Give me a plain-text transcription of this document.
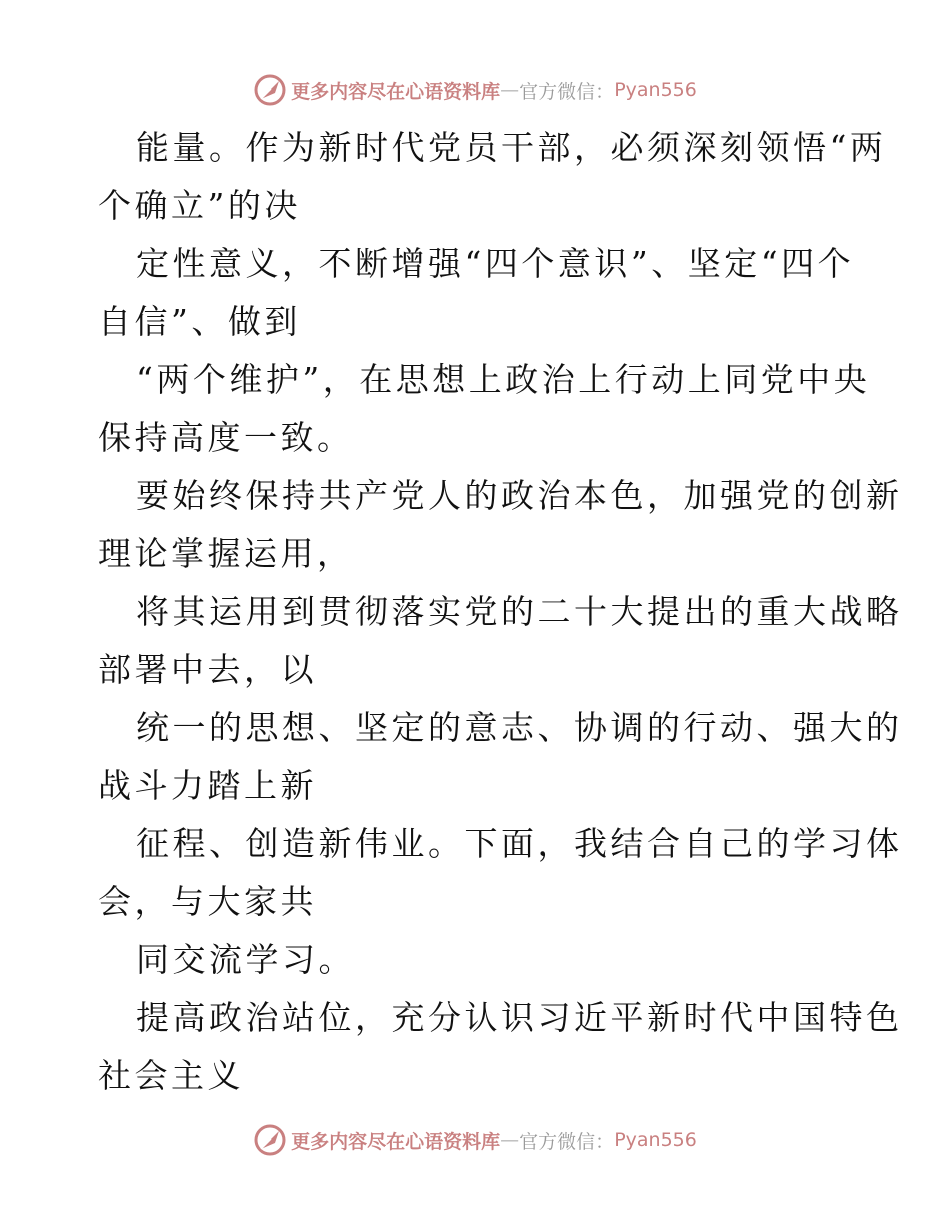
更多内容尽在心语资料库 — 官方微信： Pyan556
能量。作为新时代党员干部，必须深刻领悟“两
个确立”的决
定性意义，不断增强“四个意识”、坚定“四个
自信”、做到
“两个维护”，在思想上政治上行动上同党中央
保持高度一致。
要始终保持共产党人的政治本色，加强党的创新
理论掌握运用，
将其运用到贯彻落实党的二十大提出的重大战略
部署中去，以
统一的思想、坚定的意志、协调的行动、强大的
战斗力踏上新
征程、创造新伟业。下面，我结合自己的学习体
会，与大家共
同交流学习。
提高政治站位，充分认识习近平新时代中国特色
社会主义
更多内容尽在心语资料库 — 官方微信： Pyan556
